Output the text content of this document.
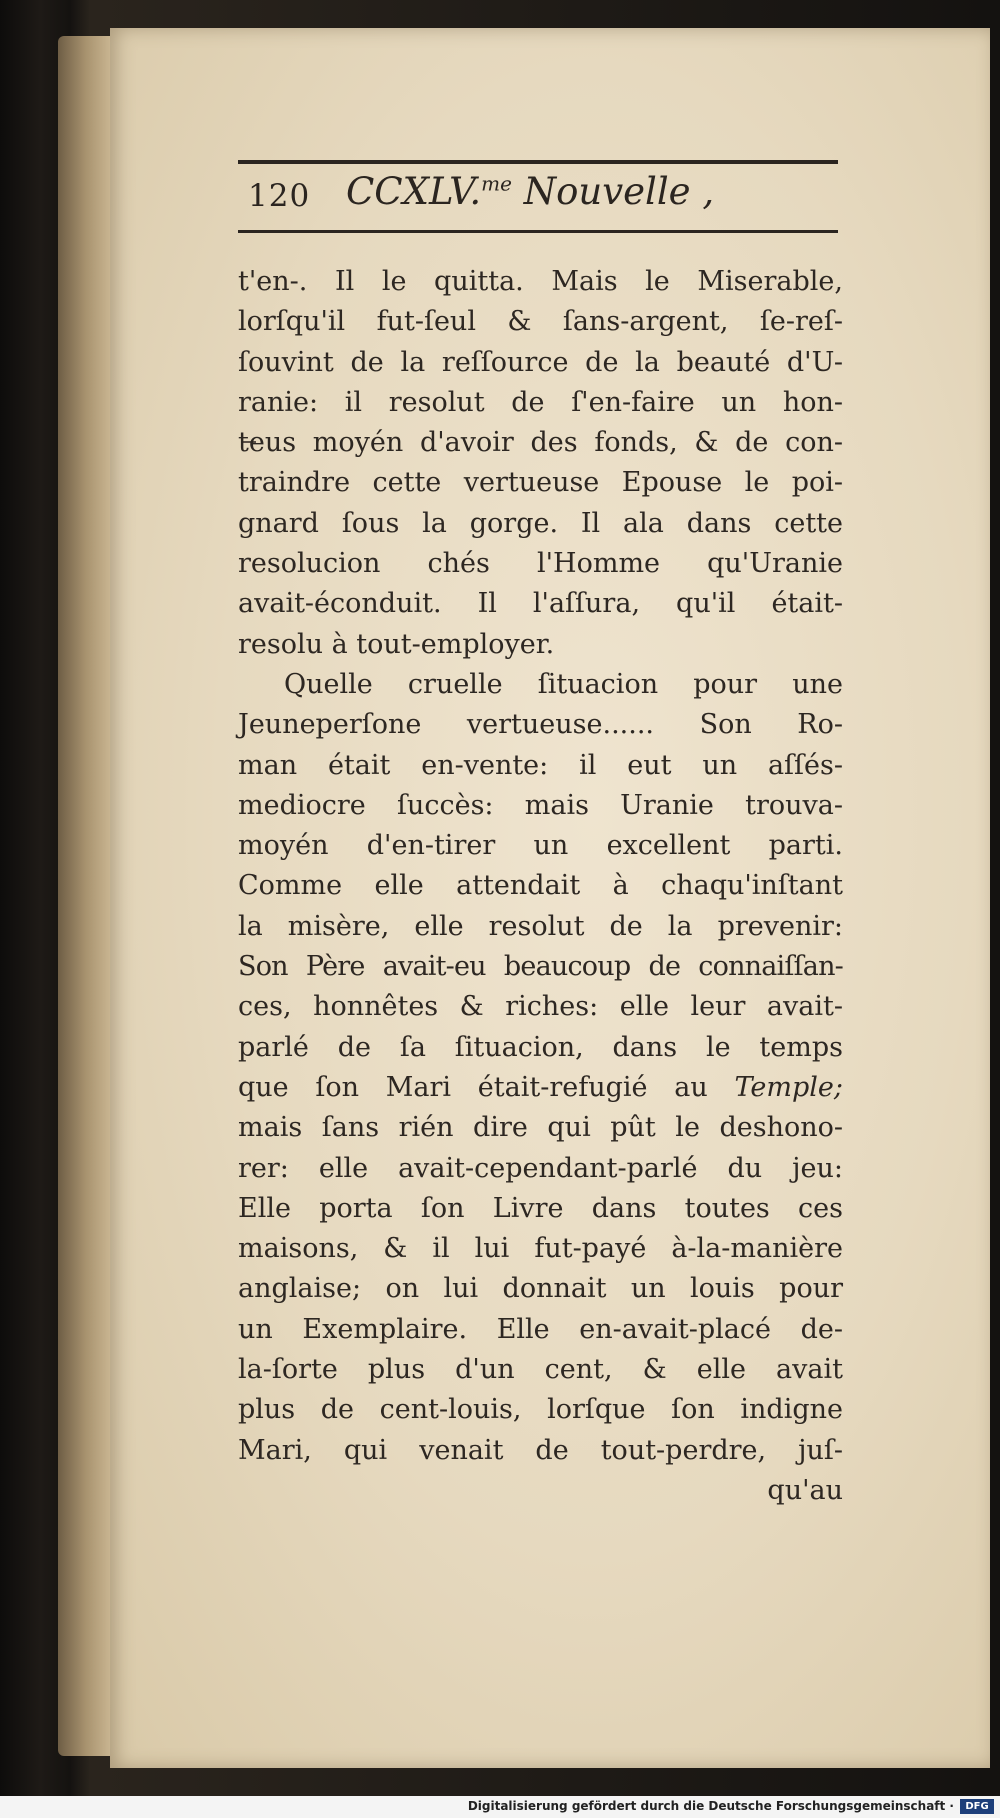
120 CCXLV.$^{me}$ Nouvelle ,
t'en-. Il le quitta. Mais le Miserable,
lorſqu'il fut-ſeul & ſans-argent, ſe-reſ-
ſouvint de la reſſource de la beauté d'U-
ranie: il resolut de ſ'en-faire un hon-
teus moyén d'avoir des fonds, & de con-
traindre cette vertueuse Epouse le poi-
gnard ſous la gorge. Il ala dans cette
resolucion chés l'Homme qu'Uranie
avait-éconduit. Il l'aſſura, qu'il était-
resolu à tout-employer.
Quelle cruelle ſituacion pour une
Jeuneperſone vertueuse...... Son Ro-
man était en-vente: il eut un aſſés-
mediocre ſuccès: mais Uranie trouva-
moyén d'en-tirer un excellent parti.
Comme elle attendait à chaqu'inſtant
la misère, elle resolut de la prevenir:
Son Père avait-eu beaucoup de connaiſſan-
ces, honnêtes & riches: elle leur avait-
parlé de ſa ſituacion, dans le temps
que ſon Mari était-refugié au Temple;
mais ſans rién dire qui pût le deshono-
rer: elle avait-cependant-parlé du jeu:
Elle porta ſon Livre dans toutes ces
maisons, & il lui fut-payé à-la-manière
anglaise; on lui donnait un louis pour
un Exemplaire. Elle en-avait-placé de-
la-ſorte plus d'un cent, & elle avait
plus de cent-louis, lorſque ſon indigne
Mari, qui venait de tout-perdre, juſ-
qu'au
Digitalisierung gefördert durch die Deutsche Forschungsgemeinschaft ·	DFG
